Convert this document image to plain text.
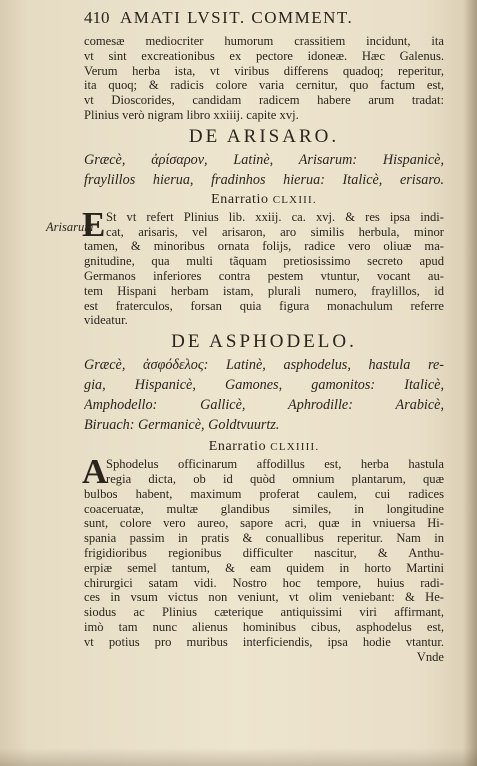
410 AMATI LVSIT. COMMENT.
Arisarum
comesæ mediocriter humorum crassitiem incidunt, ita
vt sint excreationibus ex pectore idoneæ. Hæc Galenus.
Verum herba ista, vt viribus differens quadoq; reperitur,
ita quoq; & radicis colore varia cernitur, quo factum est,
vt Dioscorides, candidam radicem habere arum tradat:
Plinius verò nigram libro xxiiij. capite xvj.
DE ARISARO.
Græcè, ἀρίσαρον, Latinè, Arisarum: Hispanicè,
fraylillos hierua, fradinhos hierua: Italicè, erisaro.
Enarratio CLXIII.
E St vt refert Plinius lib. xxiij. ca. xvj. & res ipsa indi-
cat, arisaris, vel arisaron, aro similis herbula, minor
tamen, & minoribus ornata folijs, radice vero oliuæ ma-
gnitudine, qua multi tãquam pretiosissimo secreto apud
Germanos inferiores contra pestem vtuntur, vocant au-
tem Hispani herbam istam, plurali numero, fraylillos, id
est fraterculos, forsan quia figura monachulum referre
videatur.
DE ASPHODELO.
Græcè, ἀσφόδελος: Latinè, asphodelus, hastula re-
gia, Hispanicè, Gamones, gamonitos: Italicè,
Amphodello: Gallicè, Aphrodille: Arabicè,
Biruach: Germanicè, Goldtvuurtz.
Enarratio CLXIIII.
A
Sphodelus officinarum affodillus est, herba hastula
regia dicta, ob id quòd omnium plantarum, quæ
bulbos habent, maximum proferat caulem, cui radices
coaceruatæ, multæ glandibus similes, in longitudine
sunt, colore vero aureo, sapore acri, quæ in vniuersa Hi-
spania passim in pratis & conuallibus reperitur. Nam in
frigidioribus regionibus difficulter nascitur, & Anthu-
erpiæ semel tantum, & eam quidem in horto Martini
chirurgici satam vidi. Nostro hoc tempore, huius radi-
ces in vsum victus non veniunt, vt olim veniebant: & He-
siodus ac Plinius cæterique antiquissimi viri affirmant,
imò tam nunc alienus hominibus cibus, asphodelus est,
vt potius pro muribus interficiendis, ipsa hodie vtantur.
Vnde
